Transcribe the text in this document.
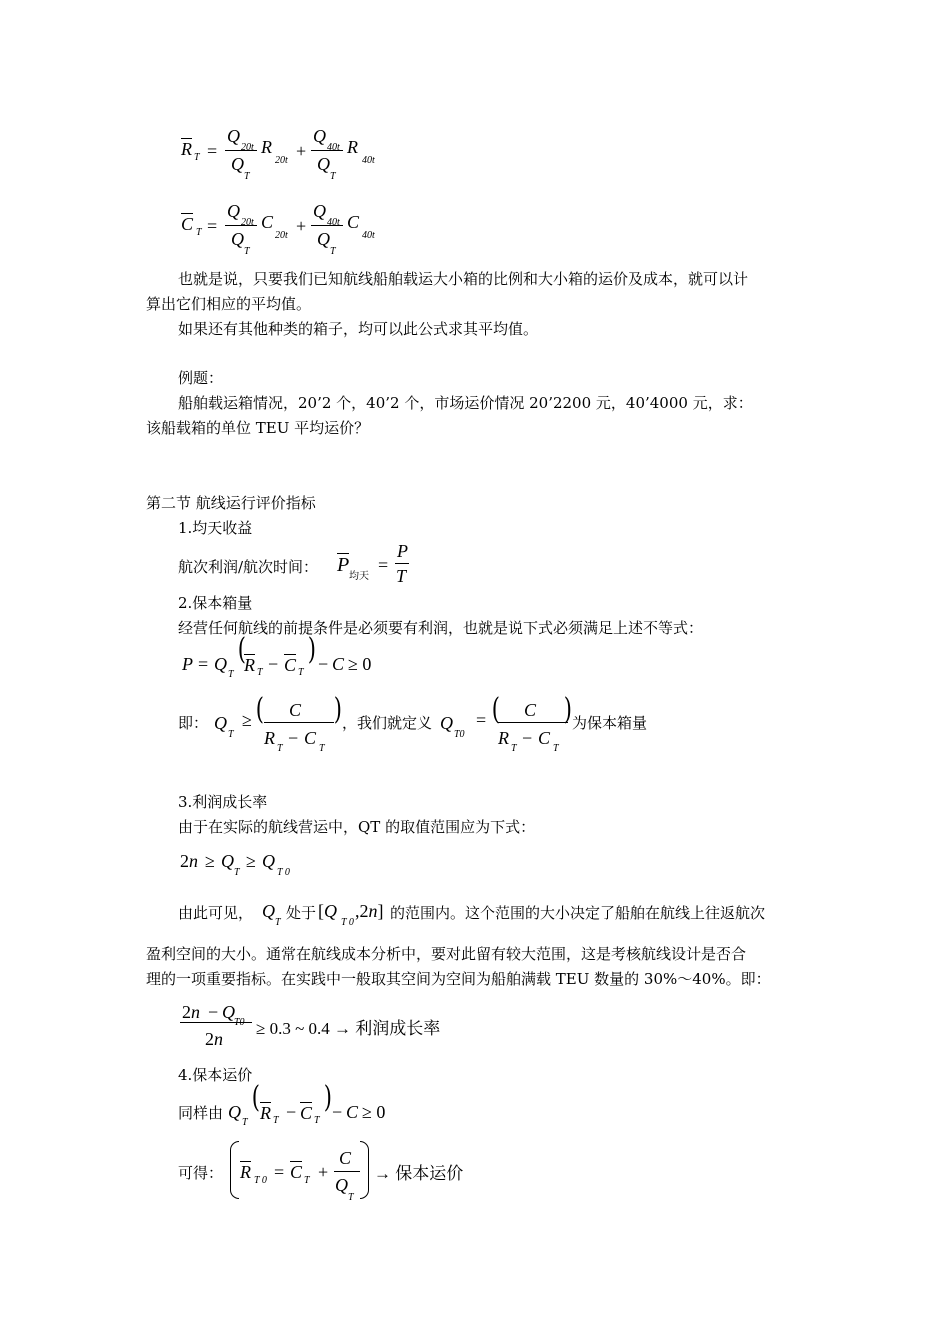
R T =
Q
20t
Q
T
R
20t +
Q
40t
Q
T
R
40t
C T =
Q
20t
Q
T
C
20t +
Q
40t
Q
T
C
40t
也就是说，只要我们已知航线船舶载运大小箱的比例和大小箱的运价及成本，就可以计
算出它们相应的平均值。
如果还有其他种类的箱子，均可以此公式求其平均值。
例题：
船舶载运箱情况，20’2 个，40’2 个，市场运价情况 20’2200 元，40’4000 元，求：
该船载箱的单位 TEU 平均运价？
第二节 航线运行评价指标
1.均天收益
航次利润/航次时间： P
均天
=
P
T
2.保本箱量
经营任何航线的前提条件是必须要有利润，也就是说下式必须满足上述不等式：
P = Q
T
(
R T − C T
) − C ≥ 0
即： Q
T
≥ ( C
R
T
− C
T
) ，我们就定义 Q
T0
= ( C
R
T
− C
T
) 为保本箱量
3.利润成长率
由于在实际的航线营运中，QT 的取值范围应为下式：
2n ≥ Q
T
≥ Q
T 0
由此可见， Q
T
处于 [Q
T 0
,2n] 的范围内。这个范围的大小决定了船舶在航线上往返航次
盈利空间的大小。通常在航线成本分析中，要对此留有较大范围，这是考核航线设计是否合
理的一项重要指标。在实践中一般取其空间为空间为船舶满载 TEU 数量的 30%～40%。即：
2n − Q
T0
2n
≥ 0.3 ~ 0.4 → 利润成长率
4.保本运价
同样由 Q
T
( R T − C T
) − C ≥ 0
可得： R T 0 = C T +
C
Q
T
→ 保本运价
